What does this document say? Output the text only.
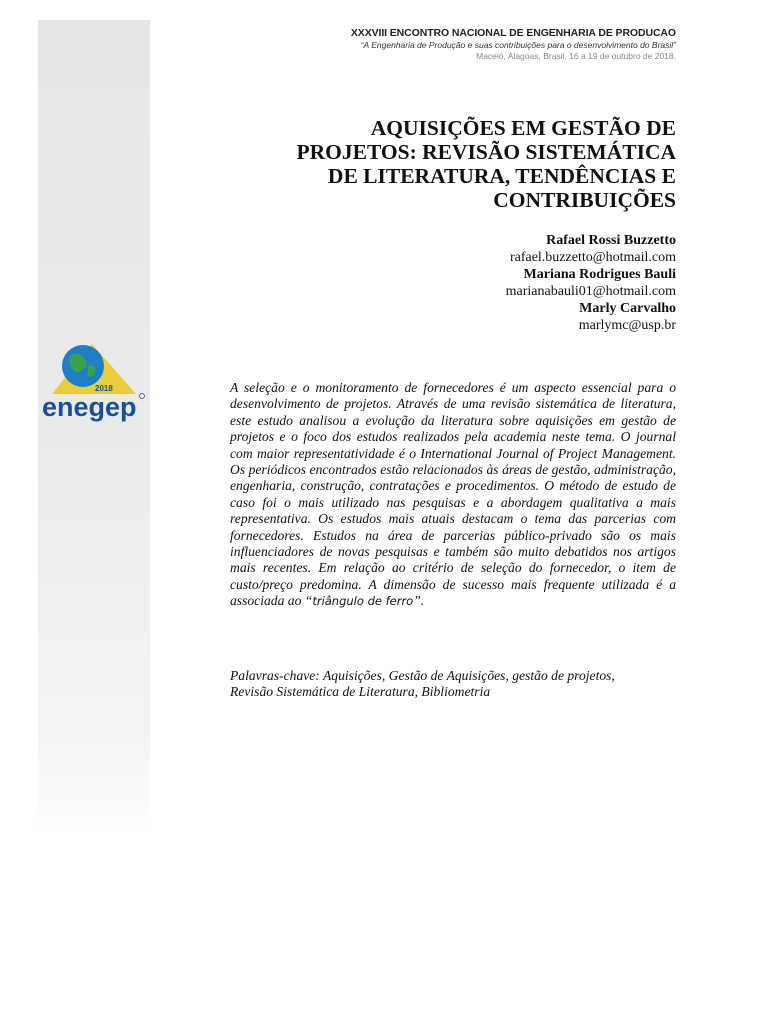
XXXVIII ENCONTRO NACIONAL DE ENGENHARIA DE PRODUCAO
“A Engenharia de Produção e suas contribuições para o desenvolvimento do Brasil”
Maceió, Alagoas, Brasil, 16 a 19 de outubro de 2018.
2018
enegep
AQUISIÇÕES EM GESTÃO DE
PROJETOS: REVISÃO SISTEMÁTICA
DE LITERATURA, TENDÊNCIAS E
CONTRIBUIÇÕES
Rafael Rossi Buzzetto
rafael.buzzetto@hotmail.com
Mariana Rodrigues Bauli
marianabauli01@hotmail.com
Marly Carvalho
marlymc@usp.br
A seleção e o monitoramento de fornecedores é um aspecto essencial para o desenvolvimento de projetos. Através de uma revisão sistemática de literatura, este estudo analisou a evolução da literatura sobre aquisições em gestão de projetos e o foco dos estudos realizados pela academia neste tema. O journal com maior representatividade é o International Journal of Project Management. Os periódicos encontrados estão relacionados às áreas de gestão, administração, engenharia, construção, contratações e procedimentos. O método de estudo de caso foi o mais utilizado nas pesquisas e a abordagem qualitativa a mais representativa. Os estudos mais atuais destacam o tema das parcerias com fornecedores. Estudos na área de parcerias público-privado são os mais influenciadores de novas pesquisas e também são muito debatidos nos artigos mais recentes. Em relação ao critério de seleção do fornecedor, o item de custo/preço predomina. A dimensão de sucesso mais frequente utilizada é a associada ao “triângulo de ferro”.
Palavras-chave: Aquisições, Gestão de Aquisições, gestão de projetos,
Revisão Sistemática de Literatura, Bibliometria
